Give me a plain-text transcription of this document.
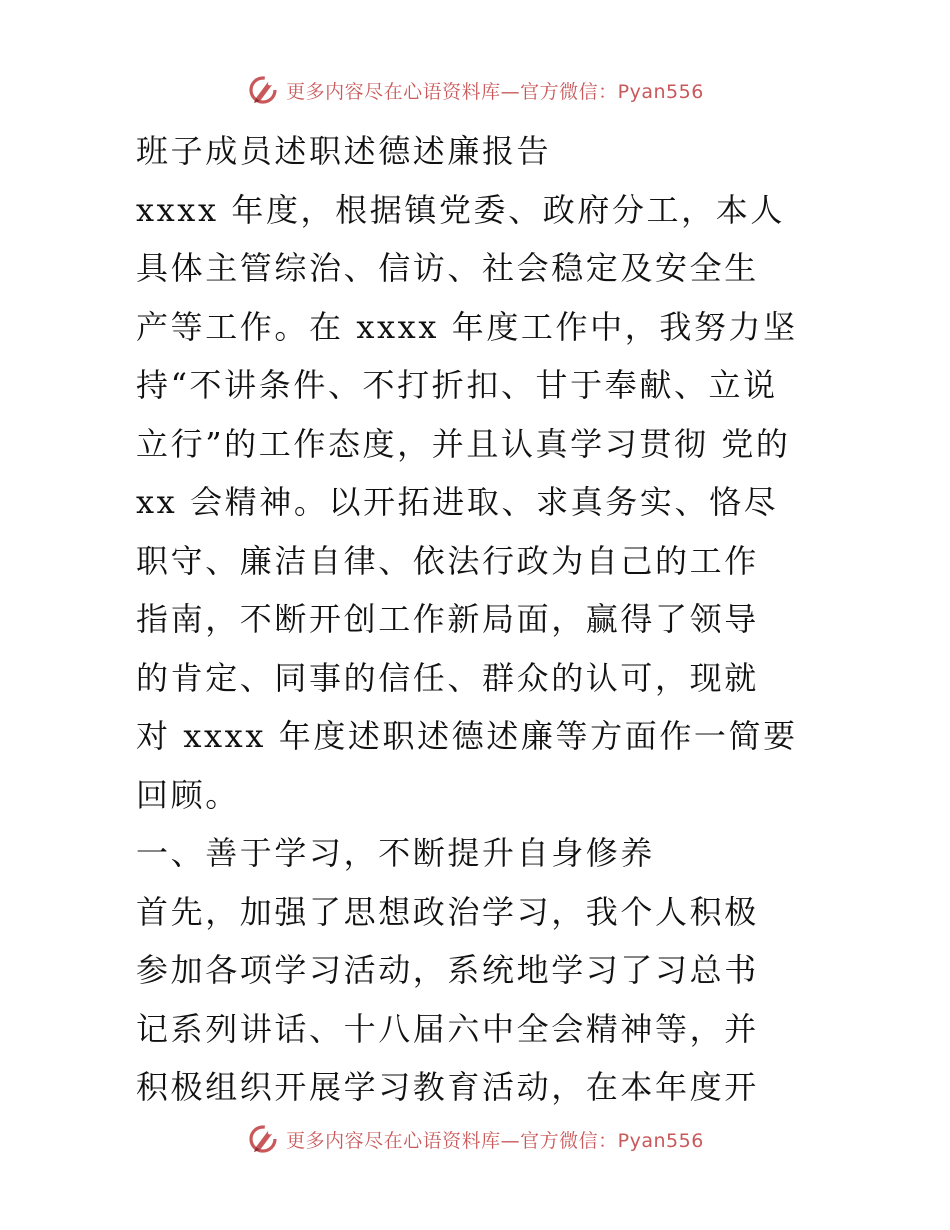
更多内容尽在心语资料库—官方微信：Pyan556
班子成员述职述德述廉报告
xxxx 年度，根据镇党委、政府分工，本人
具体主管综治、信访、社会稳定及安全生
产等工作。在 xxxx 年度工作中，我努力坚
持“不讲条件、不打折扣、甘于奉献、立说
立行”的工作态度，并且认真学习贯彻 党的
xx 会精神。以开拓进取、求真务实、恪尽
职守、廉洁自律、依法行政为自己的工作
指南，不断开创工作新局面，赢得了领导
的肯定、同事的信任、群众的认可，现就
对 xxxx 年度述职述德述廉等方面作一简要
回顾。
一、善于学习，不断提升自身修养
首先，加强了思想政治学习，我个人积极
参加各项学习活动，系统地学习了习总书
记系列讲话、十八届六中全会精神等，并
积极组织开展学习教育活动，在本年度开
更多内容尽在心语资料库—官方微信：Pyan556
